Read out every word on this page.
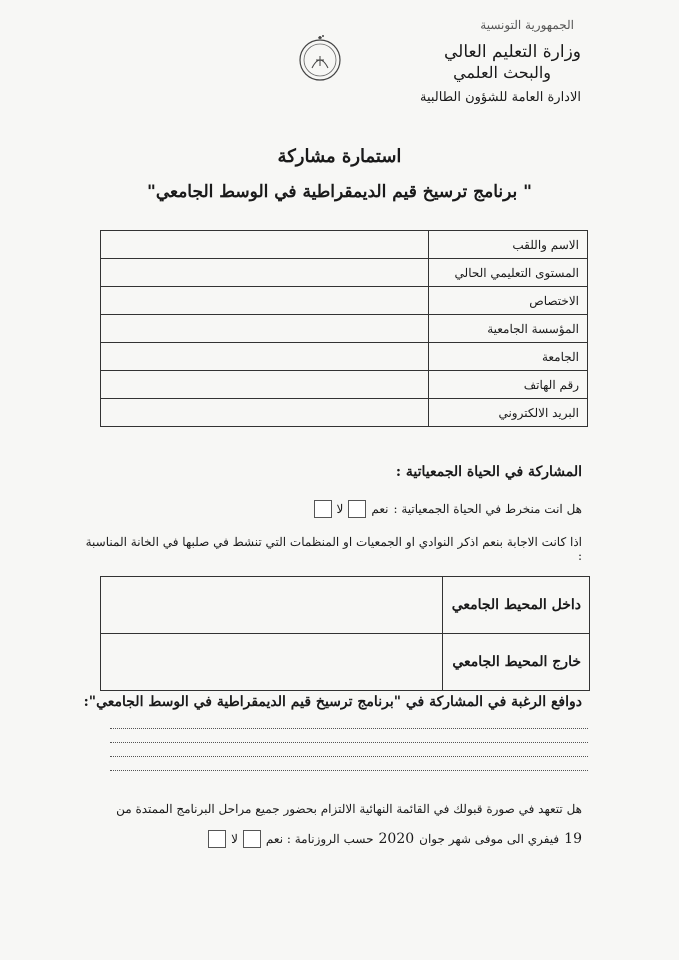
الجمهورية التونسية
وزارة التعليم العالي
والبحث العلمي
الادارة العامة للشؤون الطالبية
استمارة مشاركة
" برنامج ترسيخ قيم الديمقراطية في الوسط الجامعي"
	الاسم واللقب
	المستوى التعليمي الحالي
	الاختصاص
	المؤسسة الجامعية
	الجامعة
	رقم الهاتف
	البريد الالكتروني
المشاركة في الحياة الجمعياتية :
هل انت منخرط في الحياة الجمعياتية :
نعم
لا
اذا كانت الاجابة بنعم اذكر النوادي او الجمعيات او المنظمات التي تنشط في صلبها في الخانة المناسبة :
	داخل المحيط الجامعي
	خارج المحيط الجامعي
دوافع الرغبة في المشاركة في "برنامج ترسيخ قيم الديمقراطية في الوسط الجامعي":
هل تتعهد في صورة قبولك في القائمة النهائية الالتزام بحضور جميع مراحل البرنامج الممتدة من
19
فيفري الى موفى شهر جوان
2020
حسب الروزنامة : نعم
لا
